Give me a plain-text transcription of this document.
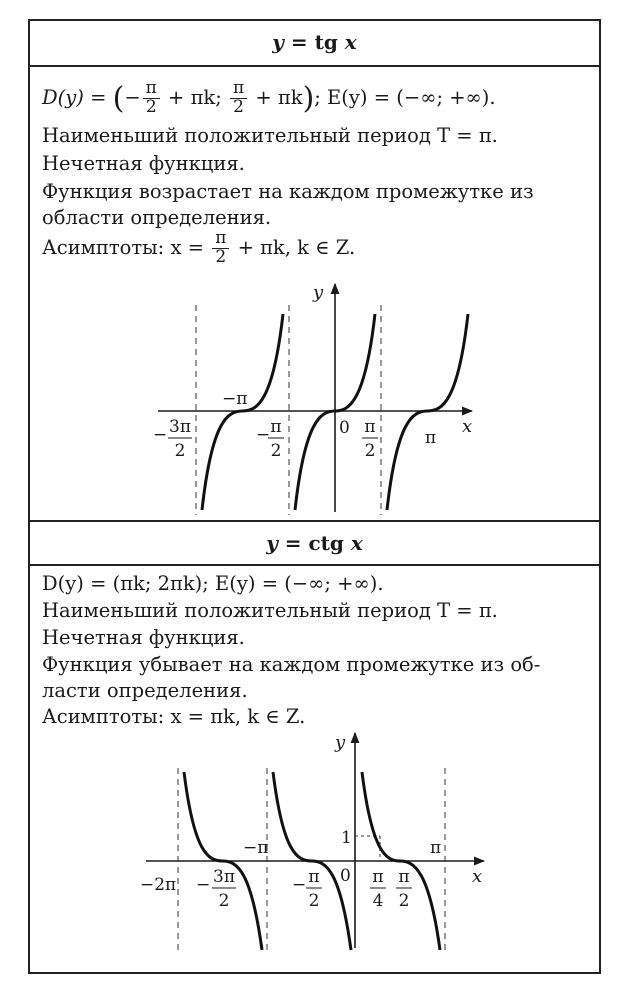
y = tg x
D(y) = (− $\frac{\pi}{2} + \pi k$; $\frac{\pi}{2} + \pi k$); E(y) = (−∞; +∞).
Наименьший положительный период T = π.
Нечетная функция.
Функция возрастает на каждом промежутке из
области определения.
Асимптоты: $x = \frac{\pi}{2} + \pi k$, k ∈ Z.
y = ctg x
D(y) = (πk; 2πk); E(y) = (−∞; +∞).
Наименьший положительный период T = π.
Нечетная функция.
Функция убывает на каждом промежутке из об-
ласти определения.
Асимптоты: x = πk, k ∈ Z.
y
x
0
−π
π
− 3π
2
− π
2
π
2
y
x
0
1
−π	π
−2π − 3π
2
− π
2
π
4
π
2
